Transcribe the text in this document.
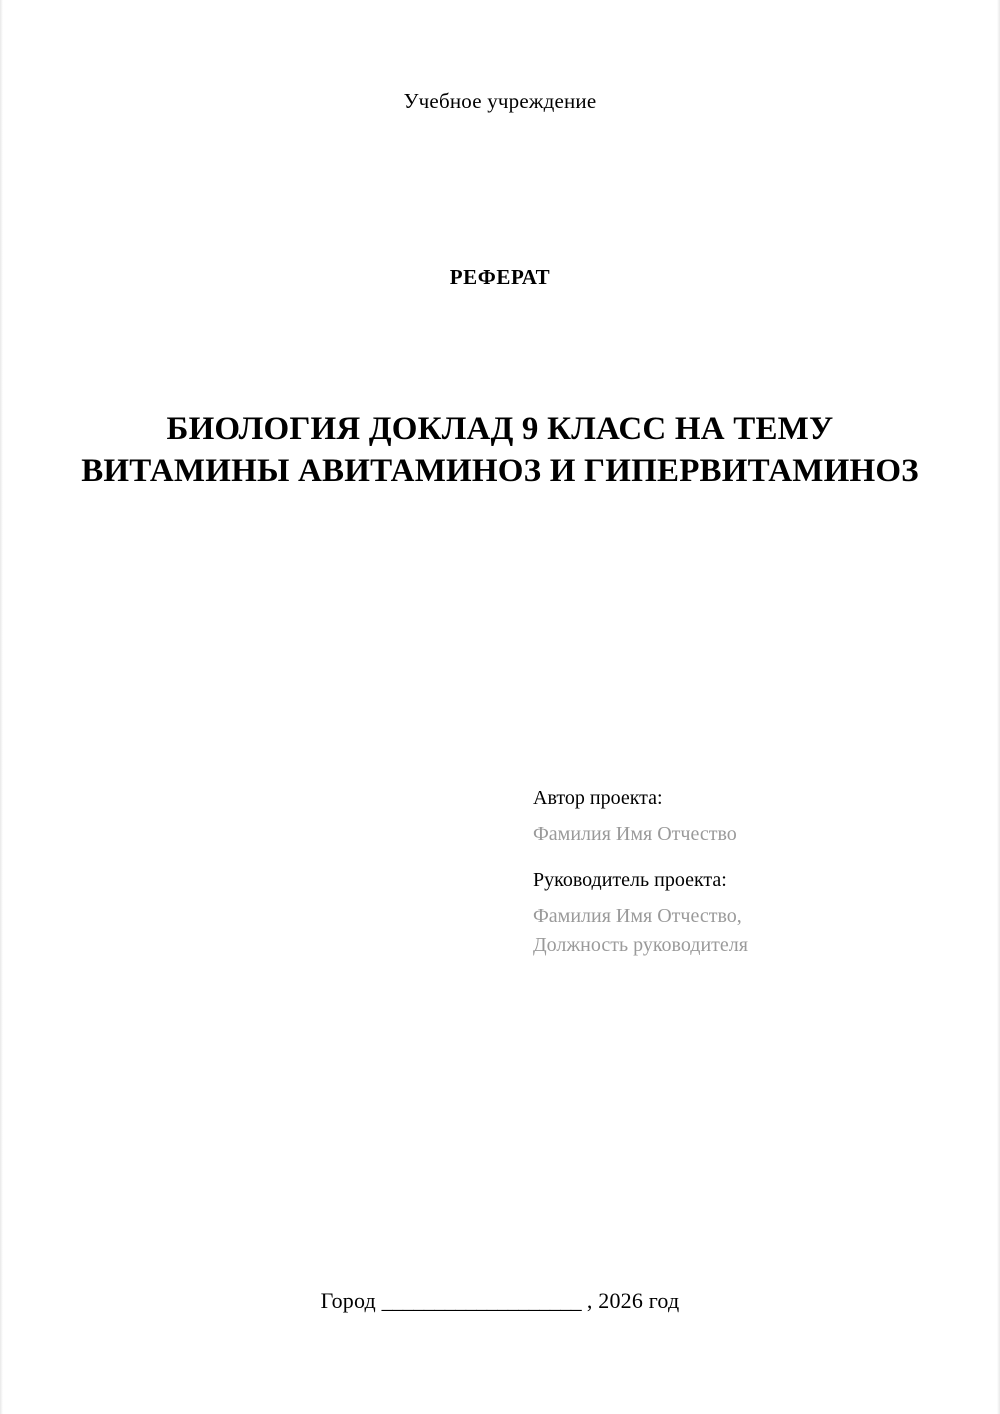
Учебное учреждение
РЕФЕРАТ
БИОЛОГИЯ ДОКЛАД 9 КЛАСС НА ТЕМУ ВИТАМИНЫ АВИТАМИНОЗ И ГИПЕРВИТАМИНОЗ
Автор проекта:
Фамилия Имя Отчество
Руководитель проекта:
Фамилия Имя Отчество,
Должность руководителя
Город ___________________ , 2026 год
